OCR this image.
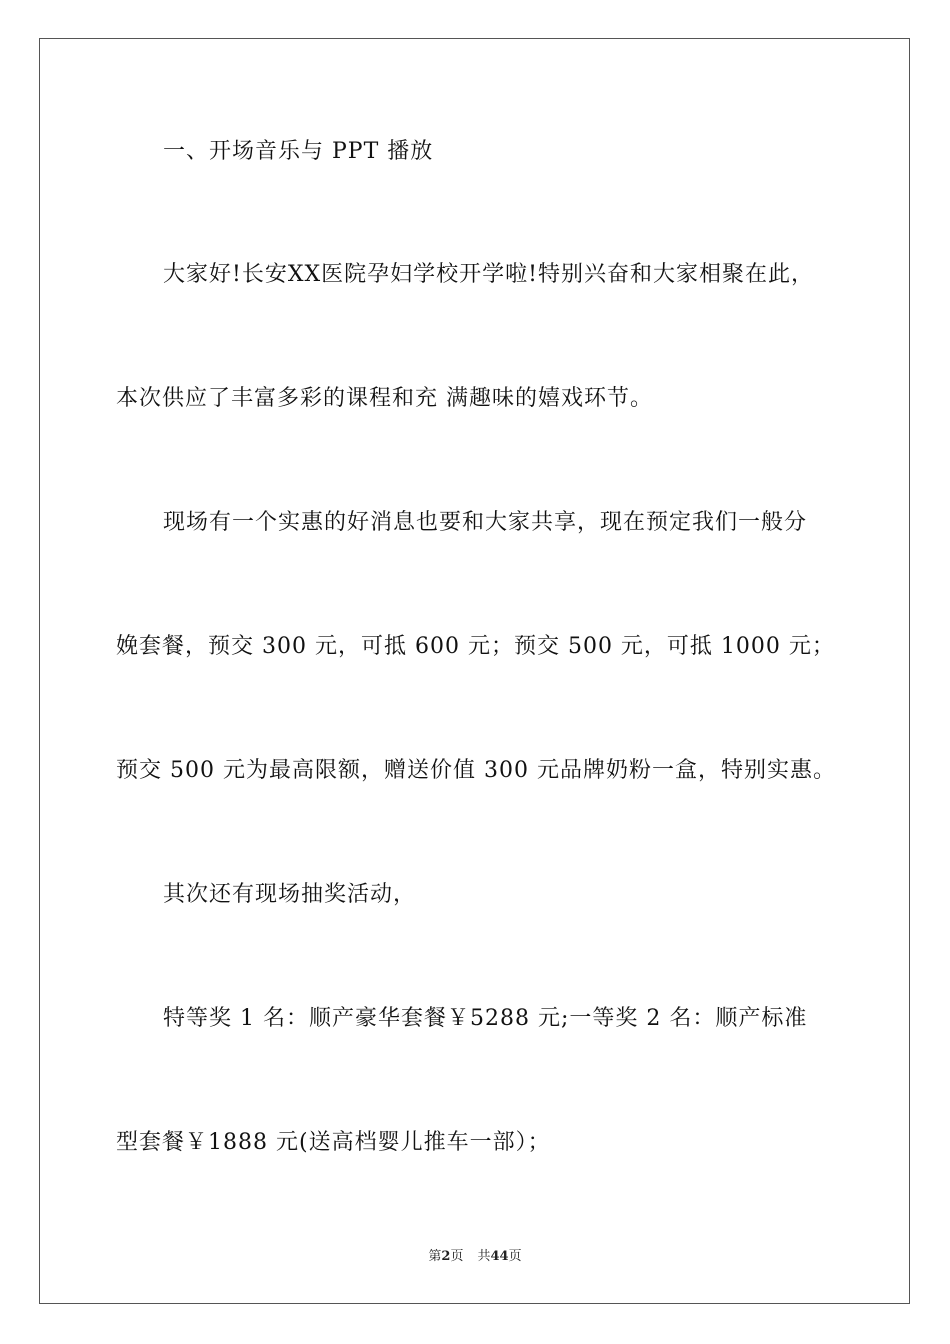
一、开场音乐与 PPT 播放
大家好!长安XX医院孕妇学校开学啦!特别兴奋和大家相聚在此，
本次供应了丰富多彩的课程和充 满趣味的嬉戏环节。
现场有一个实惠的好消息也要和大家共享，现在预定我们一般分
娩套餐，预交 300 元，可抵 600 元；预交 500 元，可抵 1000 元；
预交 500 元为最高限额，赠送价值 300 元品牌奶粉一盒，特别实惠。
其次还有现场抽奖活动，
特等奖 1 名：顺产豪华套餐￥5288 元;一等奖 2 名：顺产标准
型套餐￥1888 元(送高档婴儿推车一部）；
第2页 共44页
